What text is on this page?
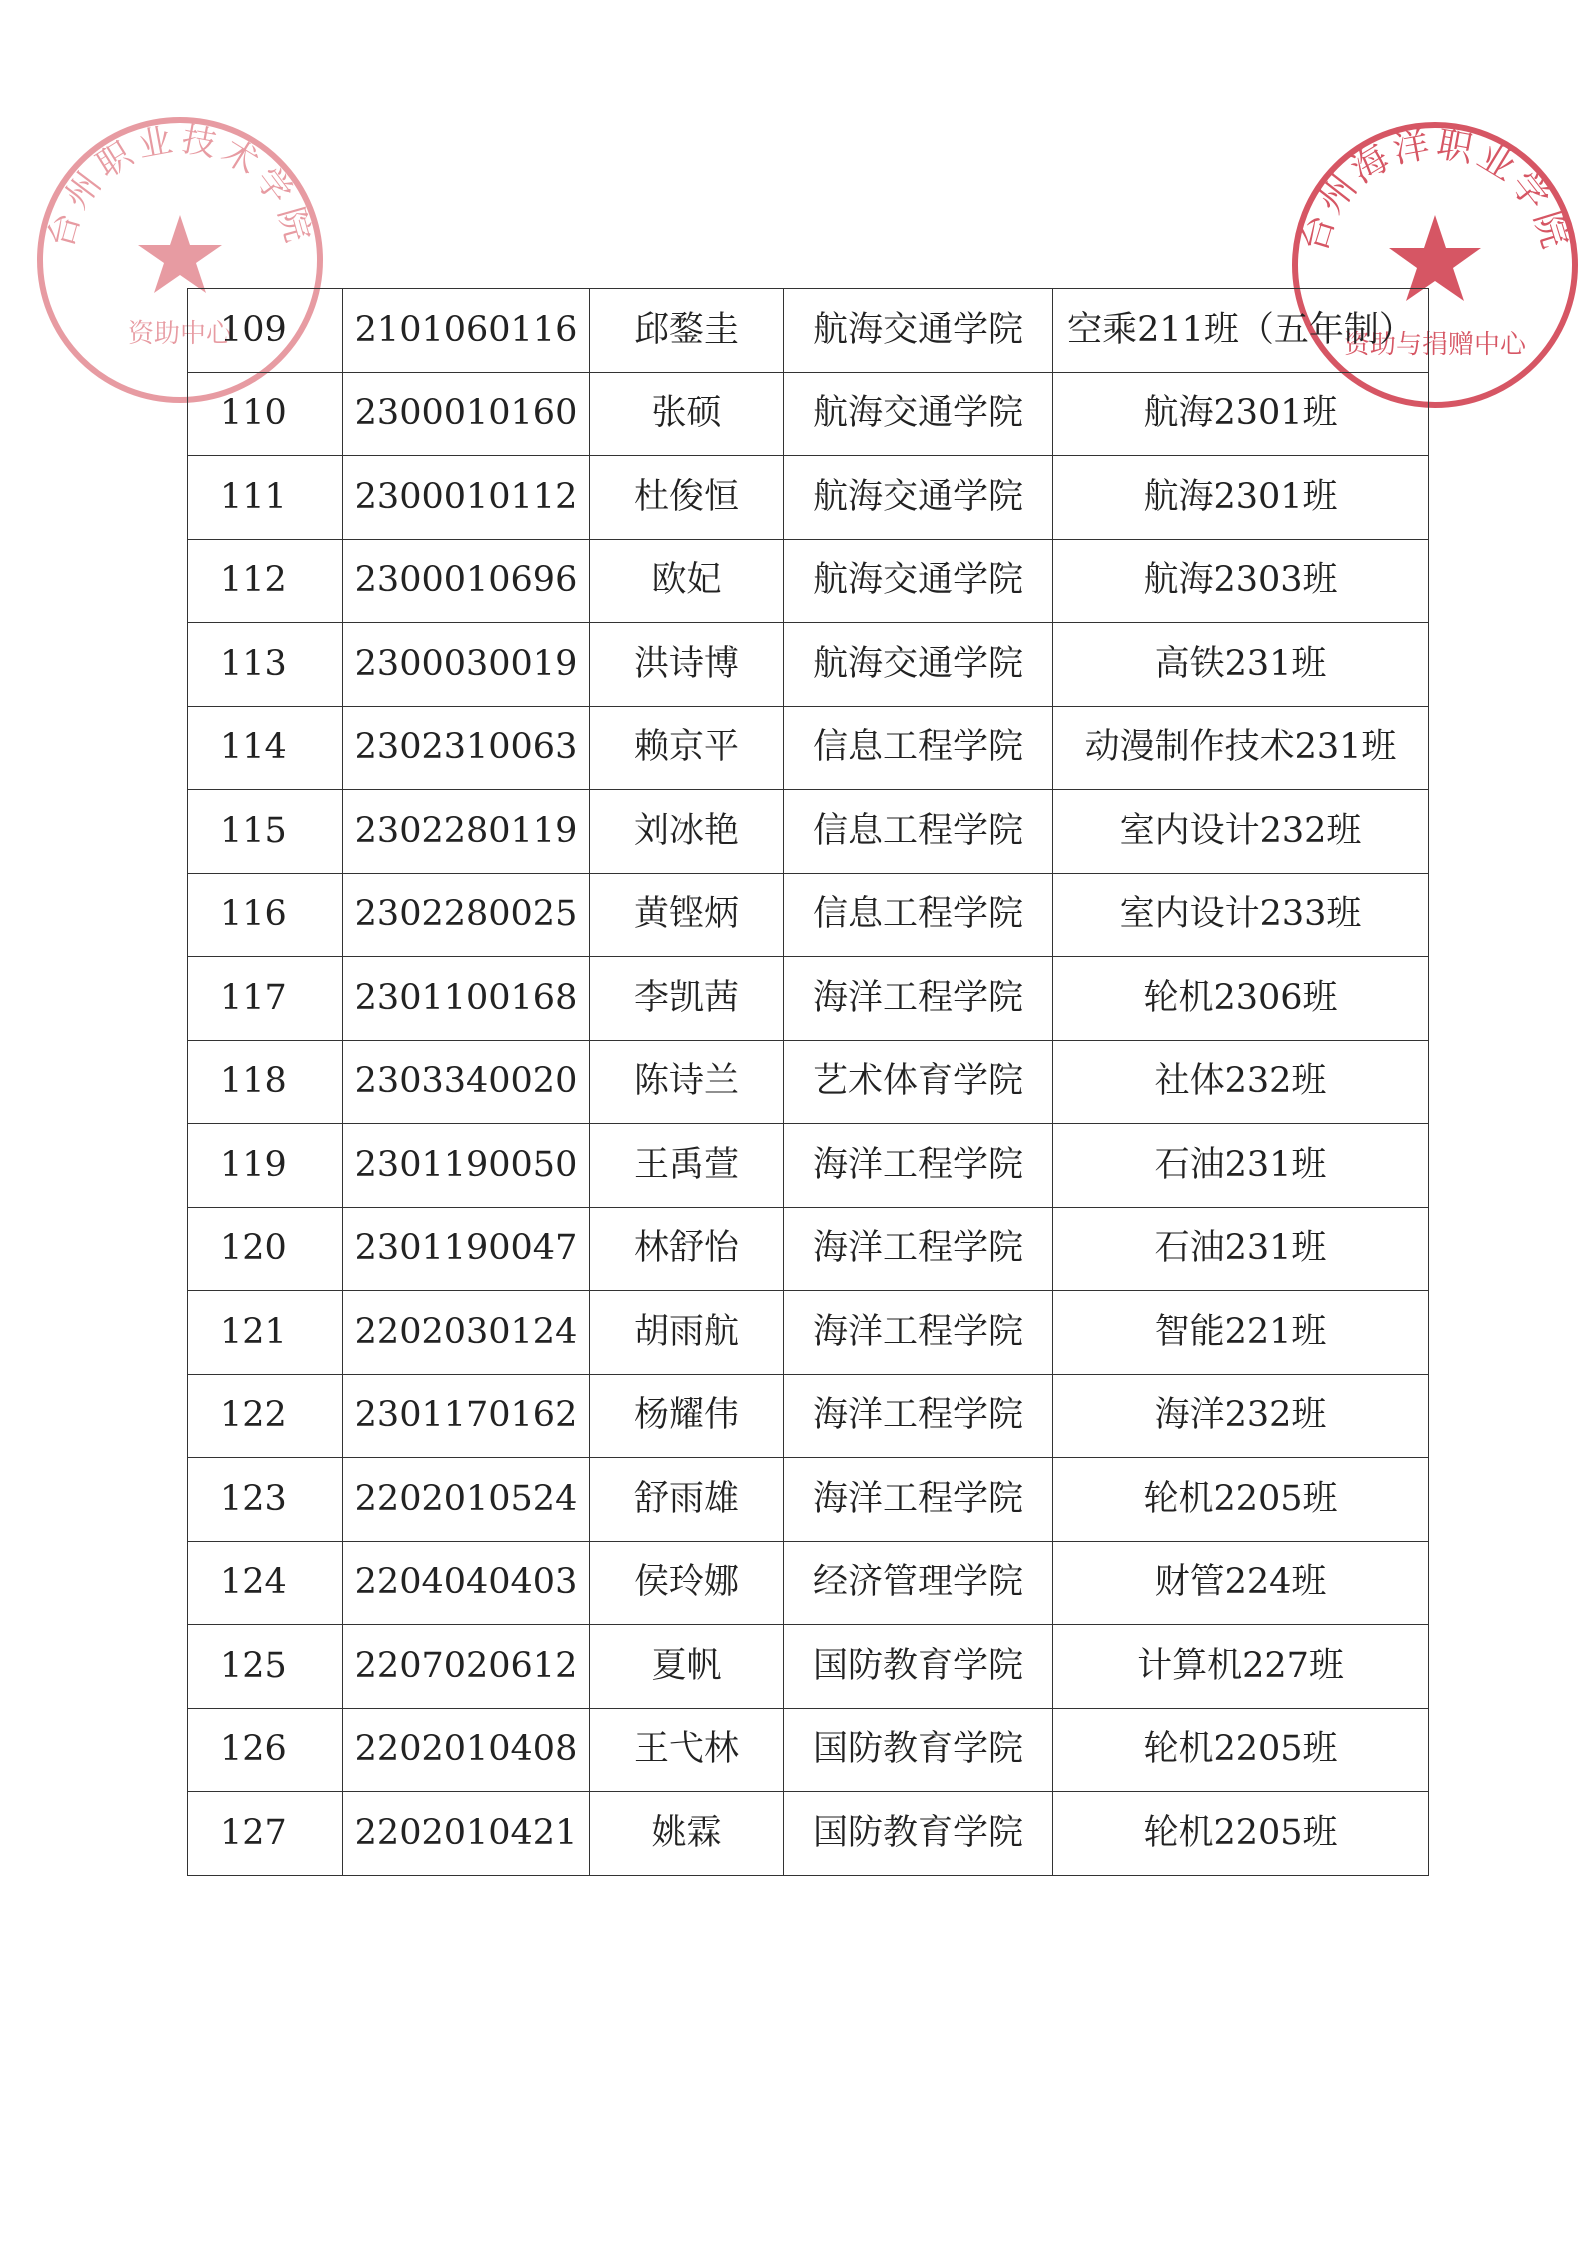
台州职业技术学院
资助中心
台州海洋职业学院
资助与捐赠中心
109	2101060116	邱鍪圭	航海交通学院	空乘211班（五年制）
110	2300010160	张硕	航海交通学院	航海2301班
111	2300010112	杜俊恒	航海交通学院	航海2301班
112	2300010696	欧妃	航海交通学院	航海2303班
113	2300030019	洪诗博	航海交通学院	高铁231班
114	2302310063	赖京平	信息工程学院	动漫制作技术231班
115	2302280119	刘冰艳	信息工程学院	室内设计232班
116	2302280025	黄铿炳	信息工程学院	室内设计233班
117	2301100168	李凯茜	海洋工程学院	轮机2306班
118	2303340020	陈诗兰	艺术体育学院	社体232班
119	2301190050	王禹萱	海洋工程学院	石油231班
120	2301190047	林舒怡	海洋工程学院	石油231班
121	2202030124	胡雨航	海洋工程学院	智能221班
122	2301170162	杨耀伟	海洋工程学院	海洋232班
123	2202010524	舒雨雄	海洋工程学院	轮机2205班
124	2204040403	侯玲娜	经济管理学院	财管224班
125	2207020612	夏帆	国防教育学院	计算机227班
126	2202010408	王弋林	国防教育学院	轮机2205班
127	2202010421	姚霖	国防教育学院	轮机2205班
